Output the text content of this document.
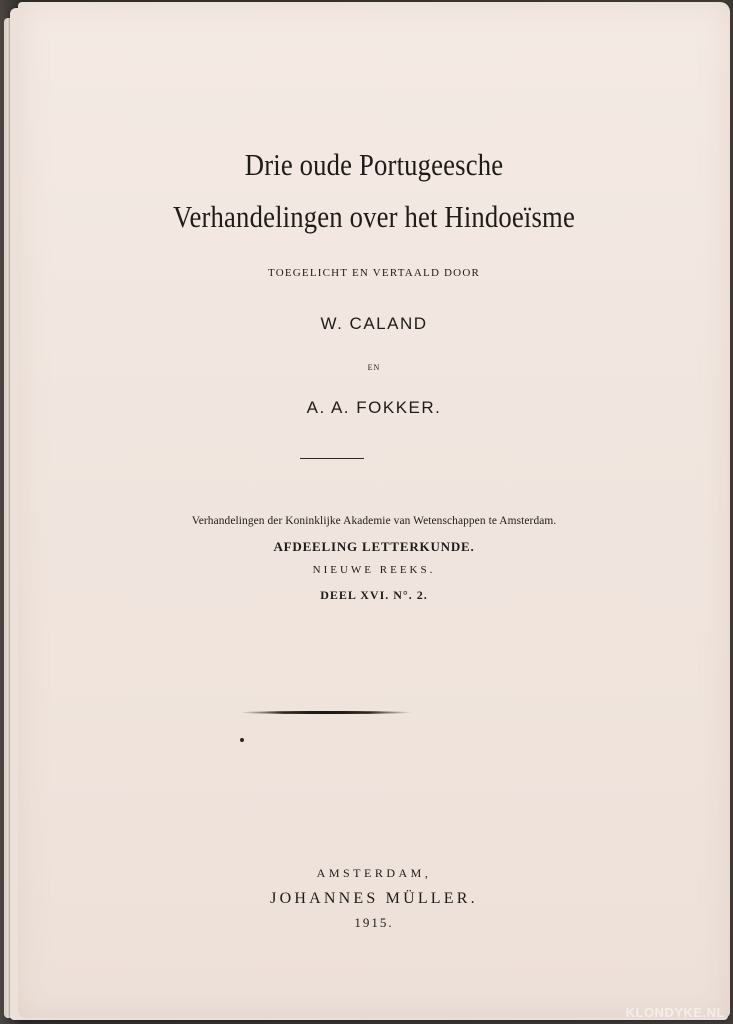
Drie oude Portugeesche
Verhandelingen over het Hindoeïsme
TOEGELICHT EN VERTAALD DOOR
W. CALAND
EN
A. A. FOKKER.
Verhandelingen der Koninklijke Akademie van Wetenschappen te Amsterdam.
AFDEELING LETTERKUNDE.
NIEUWE REEKS.
DEEL XVI. N°. 2.
AMSTERDAM,
JOHANNES MÜLLER.
1915.
KLONDYKE.NL
